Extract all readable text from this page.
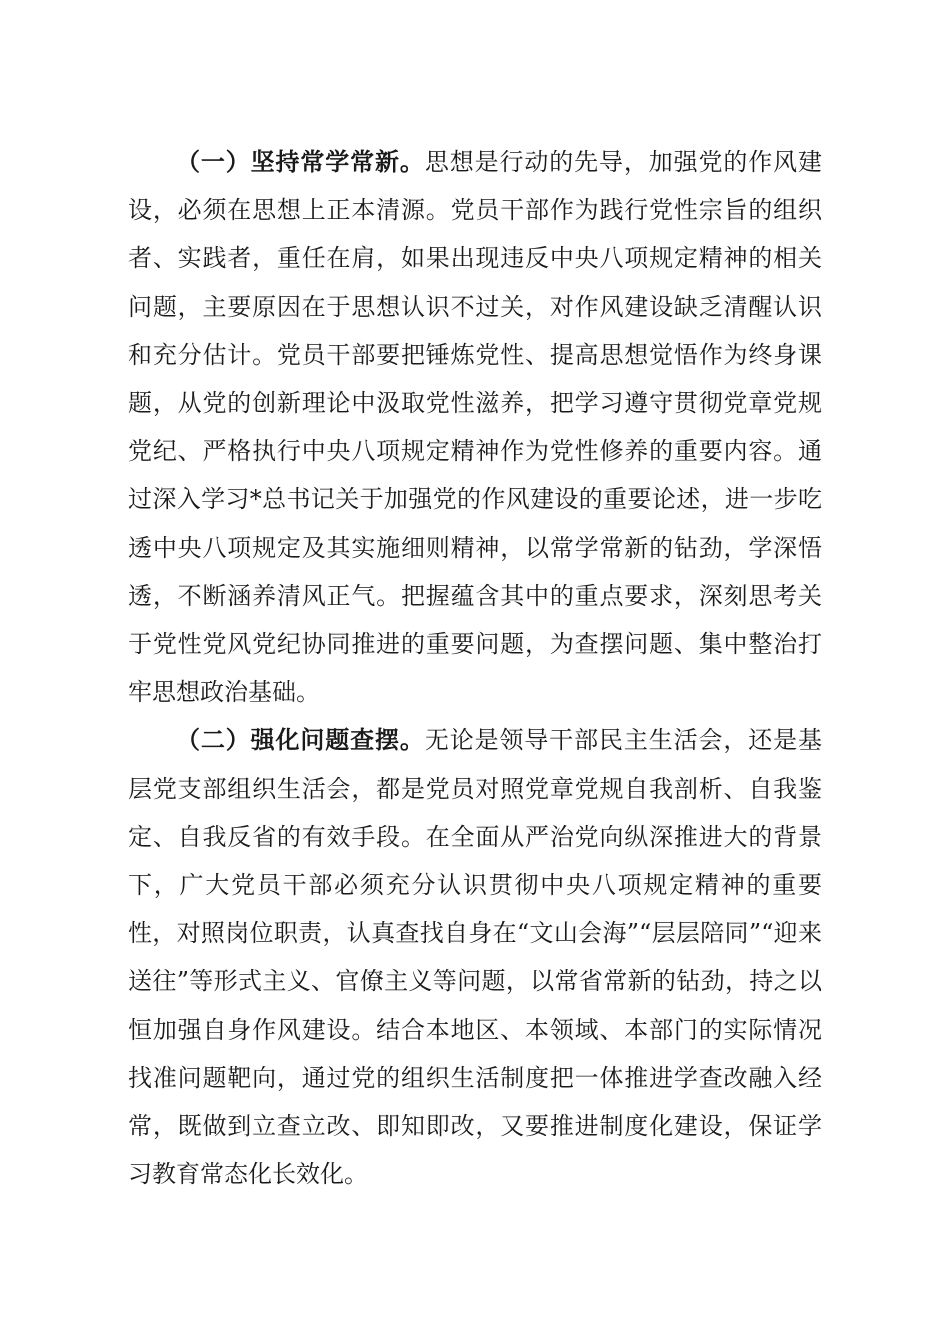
（一）坚持常学常新。思想是行动的先导，加强党的作风建设，必须在思想上正本清源。党员干部作为践行党性宗旨的组织者、实践者，重任在肩，如果出现违反中央八项规定精神的相关问题，主要原因在于思想认识不过关，对作风建设缺乏清醒认识和充分估计。党员干部要把锤炼党性、提高思想觉悟作为终身课题，从党的创新理论中汲取党性滋养，把学习遵守贯彻党章党规党纪、严格执行中央八项规定精神作为党性修养的重要内容。通过深入学习*总书记关于加强党的作风建设的重要论述，进一步吃透中央八项规定及其实施细则精神，以常学常新的钻劲，学深悟透，不断涵养清风正气。把握蕴含其中的重点要求，深刻思考关于党性党风党纪协同推进的重要问题，为查摆问题、集中整治打牢思想政治基础。

（二）强化问题查摆。无论是领导干部民主生活会，还是基层党支部组织生活会，都是党员对照党章党规自我剖析、自我鉴定、自我反省的有效手段。在全面从严治党向纵深推进大的背景下，广大党员干部必须充分认识贯彻中央八项规定精神的重要性，对照岗位职责，认真查找自身在“文山会海”“层层陪同”“迎来送往”等形式主义、官僚主义等问题，以常省常新的钻劲，持之以恒加强自身作风建设。结合本地区、本领域、本部门的实际情况找准问题靶向，通过党的组织生活制度把一体推进学查改融入经常，既做到立查立改、即知即改，又要推进制度化建设，保证学习教育常态化长效化。
